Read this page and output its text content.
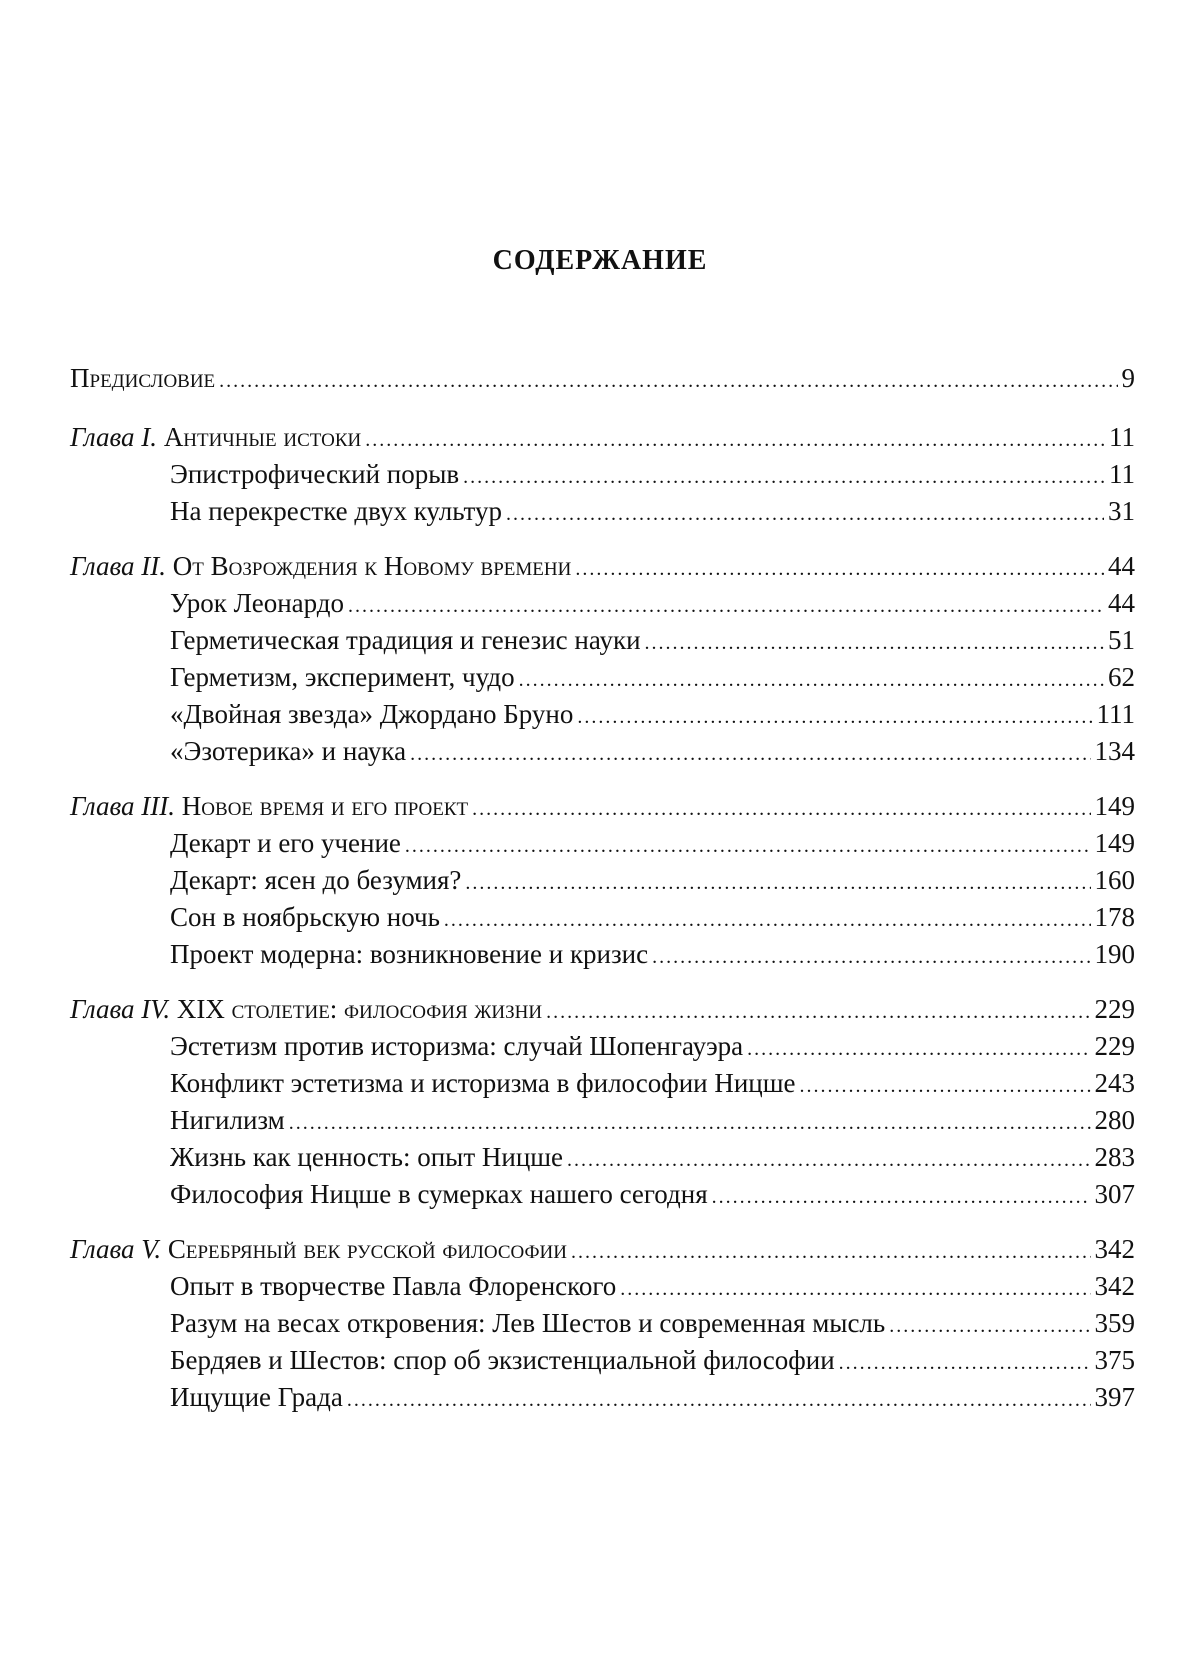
СОДЕРЖАНИЕ
Предисловие .....	9
Глава I. Античные истоки .....	11
Эпистрофический порыв .....	11
На перекрестке двух культур .....	31
Глава II. От Возрождения к Новому времени .....	44
Урок Леонардо .....	44
Герметическая традиция и генезис науки .....	51
Герметизм, эксперимент, чудо .....	62
«Двойная звезда» Джордано Бруно .....	111
«Эзотерика» и наука .....	134
Глава III. Новое время и его проект .....	149
Декарт и его учение .....	149
Декарт: ясен до безумия? .....	160
Сон в ноябрьскую ночь .....	178
Проект модерна: возникновение и кризис .....	190
Глава IV. XIX столетие: философия жизни .....	229
Эстетизм против историзма: случай Шопенгауэра .....	229
Конфликт эстетизма и историзма в философии Ницше .....	243
Нигилизм .....	280
Жизнь как ценность: опыт Ницше .....	283
Философия Ницше в сумерках нашего сегодня .....	307
Глава V. Серебряный век русской философии .....	342
Опыт в творчестве Павла Флоренского .....	342
Разум на весах откровения: Лев Шестов и современная мысль .....	359
Бердяев и Шестов: спор об экзистенциальной философии .....	375
Ищущие Града .....	397
